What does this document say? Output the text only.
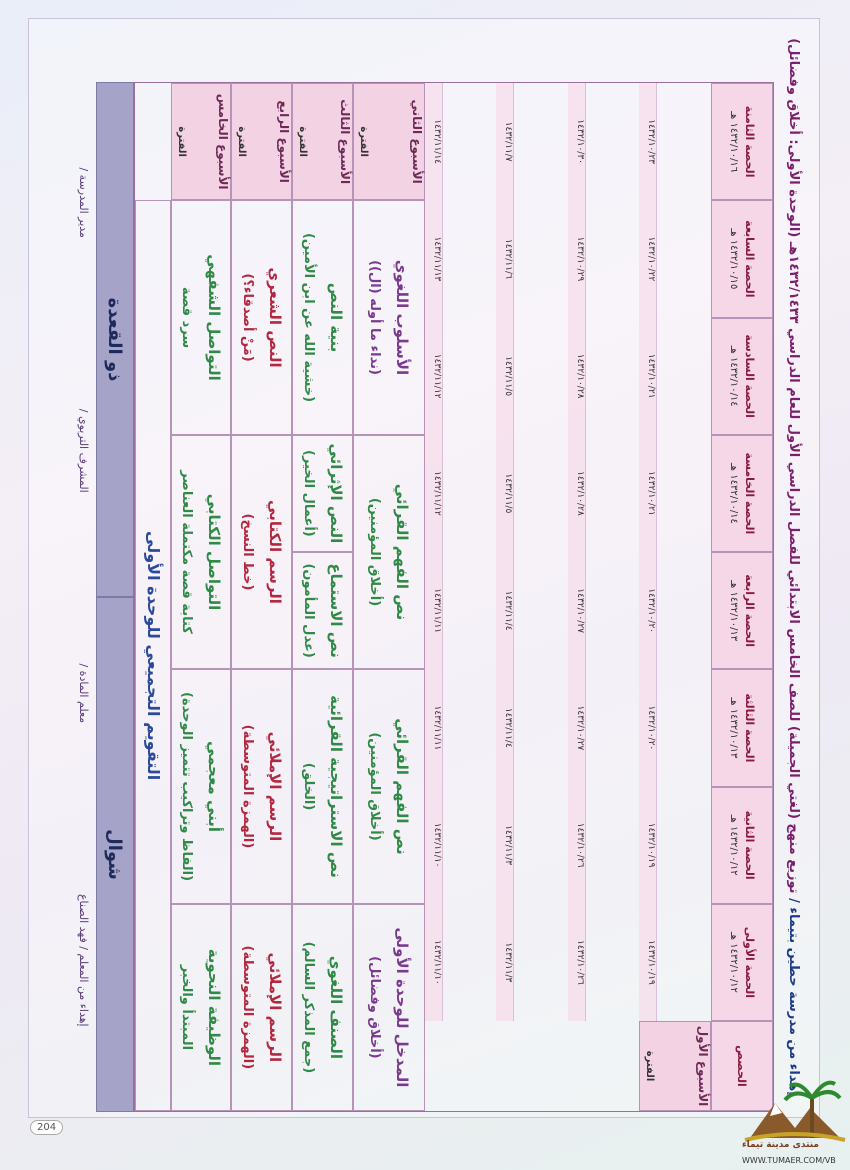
إهداء من مدرسة حطين بتيماء / توزيع منهج (لغتي الجميلة) للصف الخامس الابتدائي للفصل الدراسي الأول للعام الدراسي ١٤٣٢/١٤٣٣هـ (الوحدة الأولى: أخلاق وفضائل)
الحصص
الحصة الأولى
١٤٣٢/١٠/١٢ هـ
الحصة الثانية
١٤٣٢/١٠/١٢ هـ
الحصة الثالثة
١٤٣٢/١٠/١٣ هـ
الحصة الرابعة
١٤٣٢/١٠/١٣ هـ
الحصة الخامسة
١٤٣٢/١٠/١٤ هـ
الحصة السادسة
١٤٣٢/١٠/١٤ هـ
الحصة السابعة
١٤٣٢/١٠/١٥ هـ
الحصة الثامنة
١٤٣٢/١٠/١٦ هـ
الأسبوع الأول
الفترة
المدخل للوحدة الأولى
(أخلاق وفضائل)
نص الفهم القرائي
(أخلاق المؤمنين)
نص الفهم القرائي
(أخلاق المؤمنين)
الأسلوب اللغوي
(نداء ما أوله (ال))
الأسبوع الثاني
الفترة
الصنف اللغوي
(جمع المذكر السالم)
نص الاستراتيجية القرائية
(الخلق)
نص الاستماع
(عدل المأمون)
النص الإثرائي
(أعمال الخير)
بنية النص
(خشية الله عن ابن الأمين)
الأسبوع الثالث
الفترة
الرسم الإملائي
(الهمزة المتوسطة)
الرسم الإملائي
(الهمزة المتوسطة)
الرسم الكتابي
(خط النسخ)
النص الشعري
(مَنْ أصدقاء؟)
الأسبوع الرابع
الفترة
الوظيفة النحوية
المبتدأ والخبر
أبني معجمي
(الفاظ وتراكيب تتميز الوحدة)
التواصل الكتابي
كتابة قصة مكتملة العناصر
التواصل الشفهي
سرد قصة
الأسبوع الخامس
الفترة
التقويم التجميعي للوحدة الأولى
١٤٣٢/١٠/١٩
١٤٣٢/١٠/١٩
١٤٣٢/١٠/٢٠
١٤٣٢/١٠/٢٠
١٤٣٢/١٠/٢١
١٤٣٢/١٠/٢١
١٤٣٢/١٠/٢٢
١٤٣٢/١٠/٢٣
١٤٣٢/١٠/٢٦
١٤٣٢/١٠/٢٦
١٤٣٢/١٠/٢٧
١٤٣٢/١٠/٢٧
١٤٣٢/١٠/٢٨
١٤٣٢/١٠/٢٨
١٤٣٢/١٠/٢٩
١٤٣٢/١٠/٣٠
١٤٣٢/١١/٣
١٤٣٢/١١/٣
١٤٣٢/١١/٤
١٤٣٢/١١/٤
١٤٣٢/١١/٥
١٤٣٢/١١/٥
١٤٣٢/١١/٦
١٤٣٢/١١/٧
١٤٣٢/١١/١٠
١٤٣٢/١١/١٠
١٤٣٢/١١/١١
١٤٣٢/١١/١١
١٤٣٢/١١/١٢
١٤٣٢/١١/١٢
١٤٣٢/١١/١٣
١٤٣٢/١١/١٤
شوال
ذو القعدة
إهداء من المعلم / فهد الصناع
معلم المادة /
المشرف التربوي /
مدير المدرسة /
204
منتدى مدينة تيماء
WWW.TUMAER.COM/VB
